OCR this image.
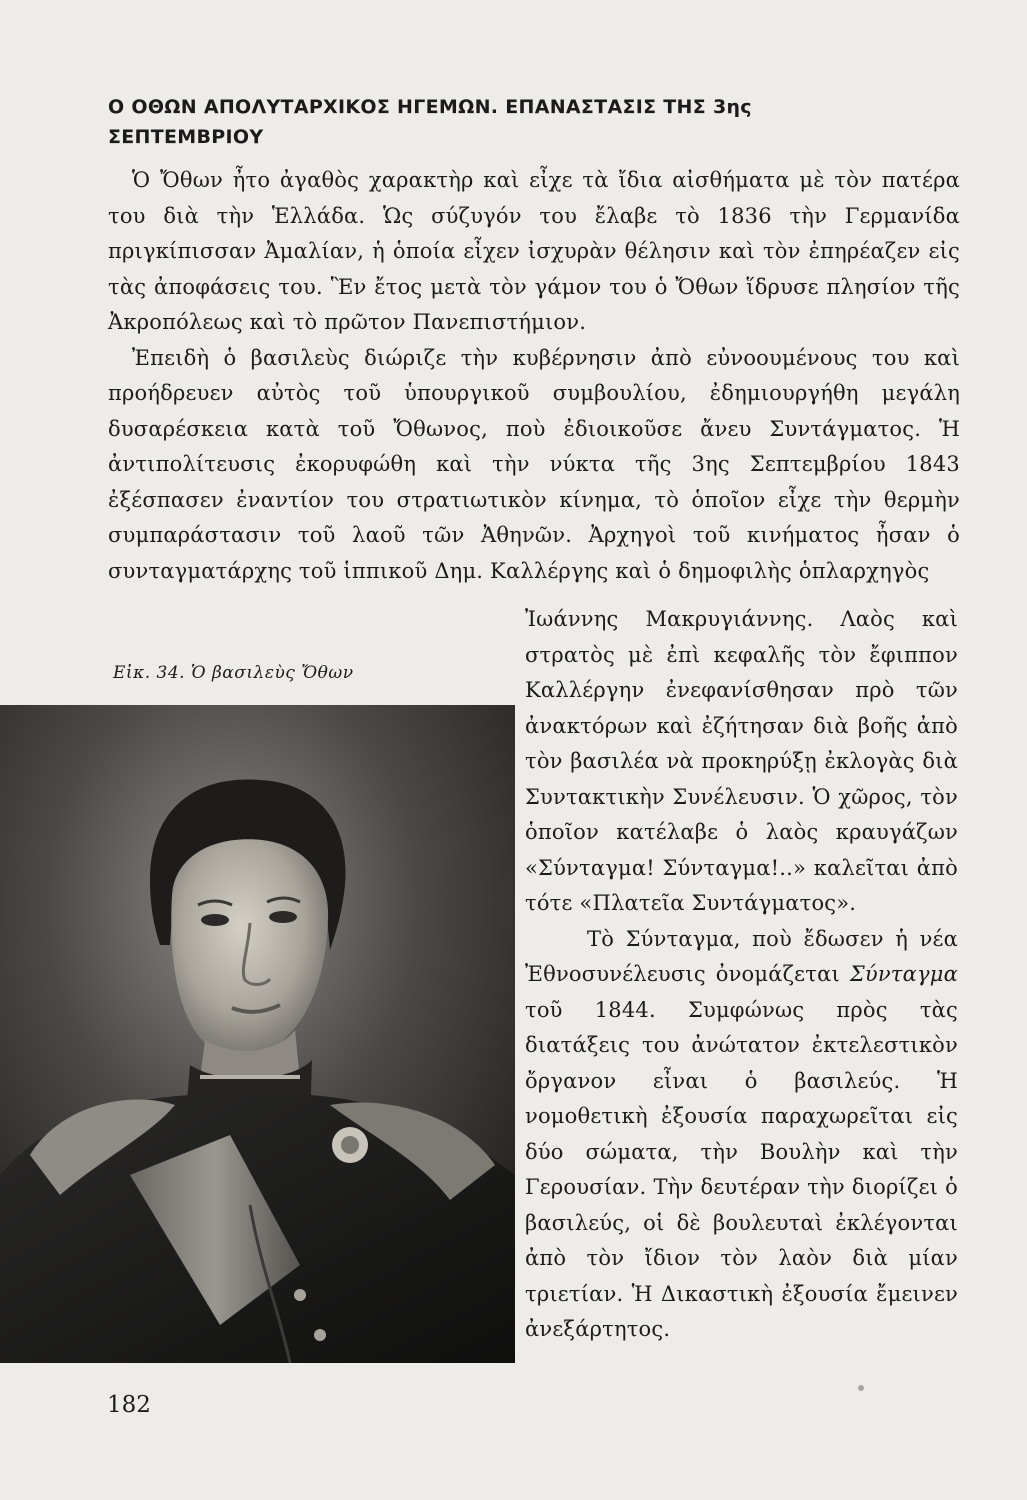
Ο ΟΘΩΝ ΑΠΟΛΥΤΑΡΧΙΚΟΣ ΗΓΕΜΩΝ. ΕΠΑΝΑΣΤΑΣΙΣ ΤΗΣ 3ης
ΣΕΠΤΕΜΒΡΙΟΥ

Ὁ Ὄθων ἦτο ἀγαθὸς χαρακτὴρ καὶ εἶχε τὰ ἴδια αἰσθήματα μὲ τὸν πατέρα του διὰ τὴν Ἑλλάδα. Ὡς σύζυγόν του ἔλαβε τὸ 1836 τὴν Γερμανίδα πριγκίπισσαν Ἀμαλίαν, ἡ ὁποία εἶχεν ἰσχυρὰν θέλησιν καὶ τὸν ἐπηρέαζεν εἰς τὰς ἀποφάσεις του. Ἓν ἔτος μετὰ τὸν γάμον του ὁ Ὄθων ἵδρυσε πλησίον τῆς Ἀκροπόλεως καὶ τὸ πρῶτον Πανεπιστήμιον.

Ἐπειδὴ ὁ βασιλεὺς διώριζε τὴν κυβέρνησιν ἀπὸ εὐνοουμένους του καὶ προήδρευεν αὐτὸς τοῦ ὑπουργικοῦ συμβουλίου, ἐδημιουργήθη μεγάλη δυσαρέσκεια κατὰ τοῦ Ὄθωνος, ποὺ ἐδιοικοῦσε ἄνευ Συντάγματος. Ἡ ἀντιπολίτευσις ἐκορυφώθη καὶ τὴν νύκτα τῆς 3ης Σεπτεμβρίου 1843 ἐξέσπασεν ἐναντίον του στρατιωτικὸν κίνημα, τὸ ὁποῖον εἶχε τὴν θερμὴν συμπαράστασιν τοῦ λαοῦ τῶν Ἀθηνῶν. Ἀρχηγοὶ τοῦ κινήματος ἦσαν ὁ συνταγματάρχης τοῦ ἱππικοῦ Δημ. Καλλέργης καὶ ὁ δημοφιλὴς ὁπλαρχηγὸς

Εἰκ. 34. Ὁ βασιλεὺς Ὄθων

Ἰωάννης Μακρυγιάννης. Λαὸς καὶ στρατὸς μὲ ἐπὶ κεφαλῆς τὸν ἔφιππον Καλλέργην ἐνεφανίσθησαν πρὸ τῶν ἀνακτόρων καὶ ἐζήτησαν διὰ βοῆς ἀπὸ τὸν βασιλέα νὰ προκηρύξῃ ἐκλογὰς διὰ Συντακτικὴν Συνέλευσιν. Ὁ χῶρος, τὸν ὁποῖον κατέλαβε ὁ λαὸς κραυγάζων «Σύνταγμα! Σύνταγμα!..» καλεῖται ἀπὸ τότε «Πλατεῖα Συντάγματος».

Τὸ Σύνταγμα, ποὺ ἔδωσεν ἡ νέα Ἐθνοσυνέλευσις ὀνομάζεται Σύνταγμα τοῦ 1844. Συμφώνως πρὸς τὰς διατάξεις του ἀνώτατον ἐκτελεστικὸν ὄργανον εἶναι ὁ βασιλεύς. Ἡ νομοθετικὴ ἐξουσία παραχωρεῖται εἰς δύο σώματα, τὴν Βουλὴν καὶ τὴν Γερουσίαν. Τὴν δευτέραν τὴν διορίζει ὁ βασιλεύς, οἱ δὲ βουλευταὶ ἐκλέγονται ἀπὸ τὸν ἴδιον τὸν λαὸν διὰ μίαν τριετίαν. Ἡ Δικαστικὴ ἐξουσία ἔμεινεν ἀνεξάρτητος.

182
